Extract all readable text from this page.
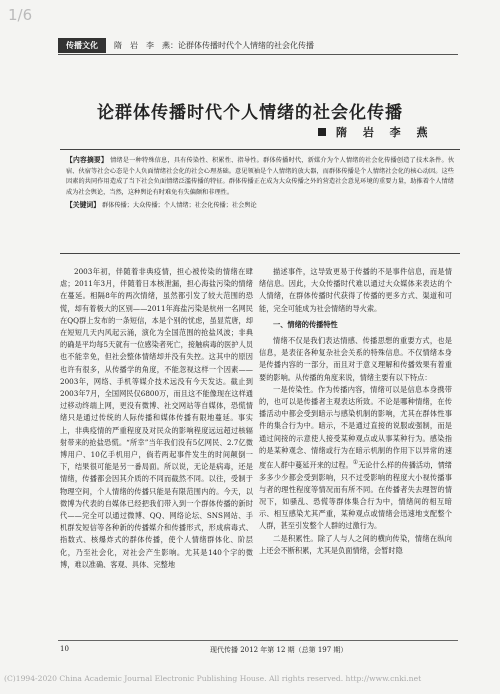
1/6
传播文化	隋　岩　李　燕：论群体传播时代个人情绪的社会化传播
论群体传播时代个人情绪的社会化传播
隋 岩 李 燕
【内容摘要】 情绪是一种特殊信息，具有传染性、积累性、指导性。群体传播时代，新媒介为个人情绪的社会化传播创造了技术条件。伙宿、伙宿等社会心态是个人负面情绪社会化的社会心理基础。意见领袖是个人情绪的放大器，而群体传播是个人情绪社会化的核心动因。这些因素的共同作用造成了当下社会负面情绪泛滥传播的特征。群体传播正在成为大众传播之外的营造社会意见环境的重要力量，助推着个人情绪成为社会舆论，当然，这种舆论有时难免有失偏颇和非理性。
【关键词】 群体传播；大众传播；个人情绪；社会化传播；社会舆论

2003年初，伴随着非典疫情，担心被传染的情绪在肆虐；2011年3月，伴随着日本核泄漏，担心海盐污染的情绪在蔓延。相隔8年的两次情绪，虽然都引发了较大范围的恐慌，却有着极大的区别——2011年海盐污染是杭州一名网民在QQ群上发布的一条短信，本是个别的忧虑，虽显荒唐，却在短短几天内风起云涌，演化为全国范围的抢盐风波；非典的确是平均每5天就有一位感染者死亡，接触病毒的医护人员也不能幸免，但社会整体情绪却并没有失控。这其中的原因也许有很多，从传播学的角度，不能忽视这样一个因素——2003年，网络、手机等媒介技术远没有今天发达。截止到2003年7月，全国网民仅6800万，而且这不能像现在这样通过移动终端上网，更没有微博、社交网站等自媒体，恐慌情绪只是通过传统的人际传播和媒体传播有限地蔓延。事实上，非典疫情的严重程度及对民众的影响程度远远超过核辐射带来的抢盐恐慌。“所幸”当年我们没有5亿网民、2.7亿微博用户、10亿手机用户，倘若两起事件发生的时间颠倒一下，结果很可能是另一番局面。所以说，无论是病毒，还是情绪，传播都会因其介质的不同而截然不同。以往，受制于物理空间，个人情绪的传播只能是有限范围内的。今天，以微博为代表的自媒体已经把我们带入到一个群体传播的新时代——完全可以通过微博、QQ、网络论坛、SNS网站、手机群发短信等各种新的传播媒介和传播形式，形成病毒式、指数式、核爆炸式的群体传播，使个人情绪群体化、阶层化，乃至社会化，对社会产生影响。尤其是140个字的微博，难以准确、客观、具体、完整地

描述事件，这导致更易于传播的不是事件信息，而是情绪信息。因此，大众传播时代难以通过大众媒体来表达的个人情绪，在群体传播时代获得了传播的更多方式、渠道和可能，完全可能成为社会情绪的导火索。

一、情绪的传播特性

情绪不仅是我们表达情感、传播思想的重要方式，也是信息，是表征各种复杂社会关系的特殊信息。不仅情绪本身是传播内容的一部分，而且对于意义理解和传播效果有着重要的影响。从传播的角度来说，情绪主要有以下特点：

一是传染性。作为传播内容，情绪可以是信息本身携带的，也可以是传播者主观表达所致。不论是哪种情绪，在传播活动中都会受到暗示与感染机制的影响，尤其在群体性事件的集合行为中。暗示，不是通过直接的说服或强制，而是通过间接的示意使人接受某种观点或从事某种行为。感染指的是某种观念、情绪或行为在暗示机制的作用下以异常的速度在人群中蔓延开来的过程。①无论什么样的传播活动，情绪多多少少都会受到影响，只不过受影响的程度大小视传播事与者的理性程度等情况而有所不同。在传播者失去理智的情况下，如骚乱、恐慌等群体集合行为中，情绪间的相互暗示、相互感染尤其严重，某种观点或情绪会迅速地支配整个人群，甚至引发整个人群的过激行为。

二是积累性。除了人与人之间的横向传染，情绪在纵向上还会不断积累，尤其是负面情绪，会暂时隐

10	现代传播 2012 年第 12 期（总第 197 期）
(C)1994-2020 China Academic Journal Electronic Publishing House. All rights reserved. http://www.cnki.net
